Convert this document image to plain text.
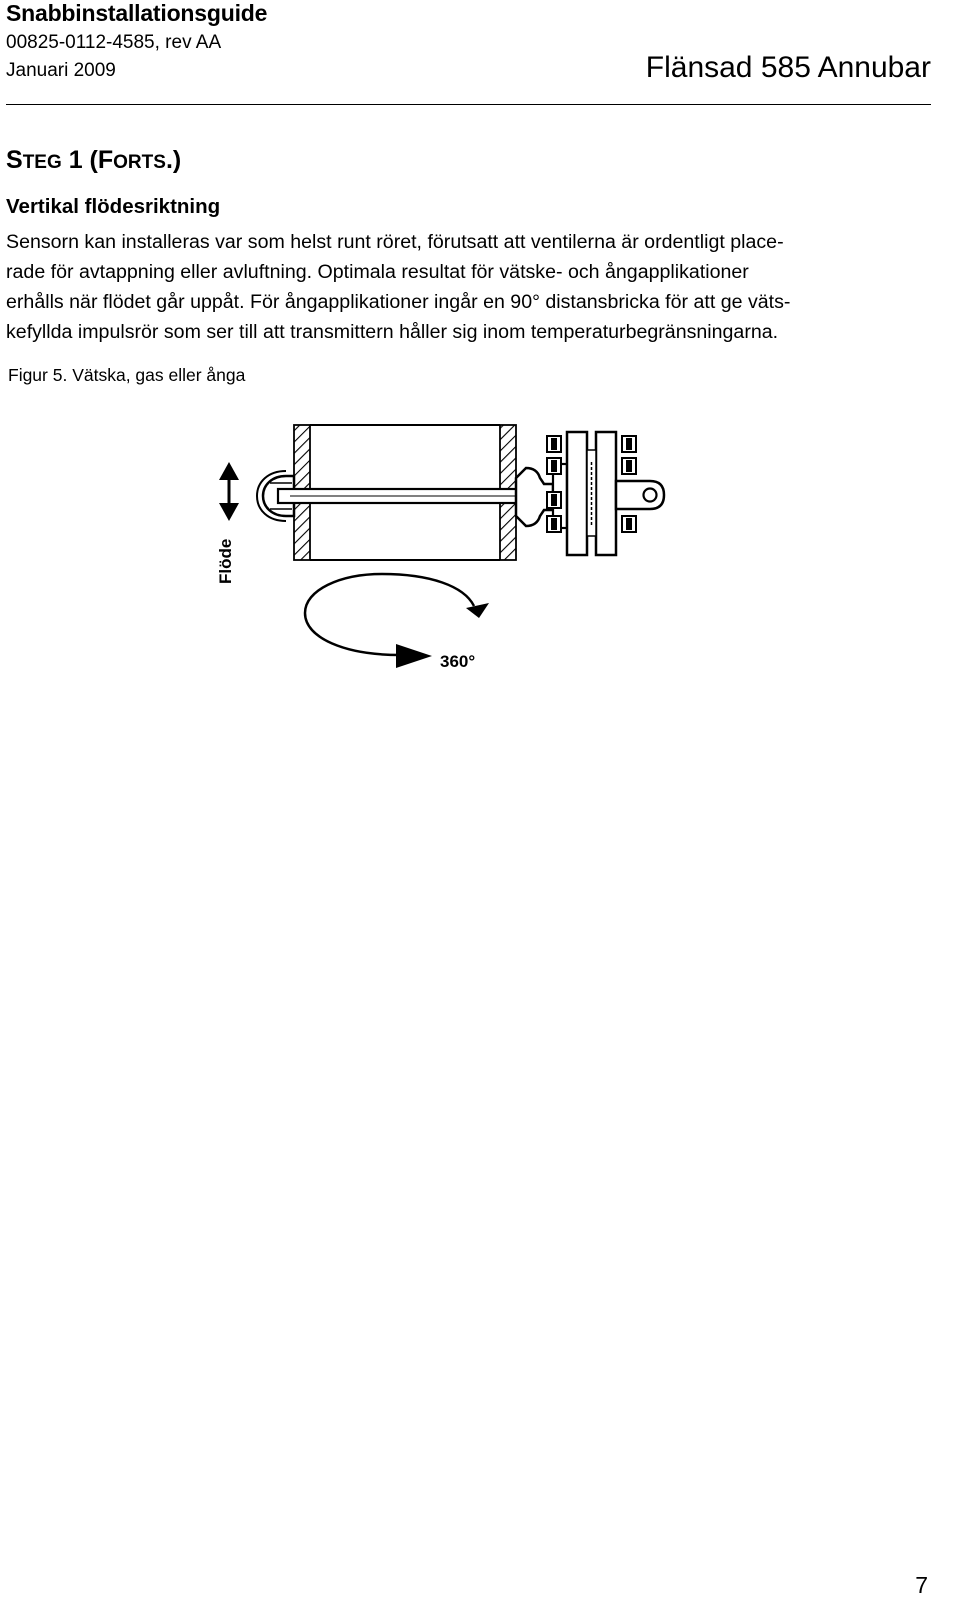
Snabbinstallationsguide
00825-0112-4585, rev AA
Januari 2009	Flänsad 585 Annubar
STEG 1 (FORTS.)
Vertikal flödesriktning

Sensorn kan installeras var som helst runt röret, förutsatt att ventilerna är ordentligt place-
rade för avtappning eller avluftning. Optimala resultat för vätske- och ångapplikationer
erhålls när flödet går uppåt. För ångapplikationer ingår en 90° distansbricka för att ge väts-
kefyllda impulsrör som ser till att transmittern håller sig inom temperaturbegränsningarna.

Figur 5. Vätska, gas eller ånga
Flöde
360°
7
